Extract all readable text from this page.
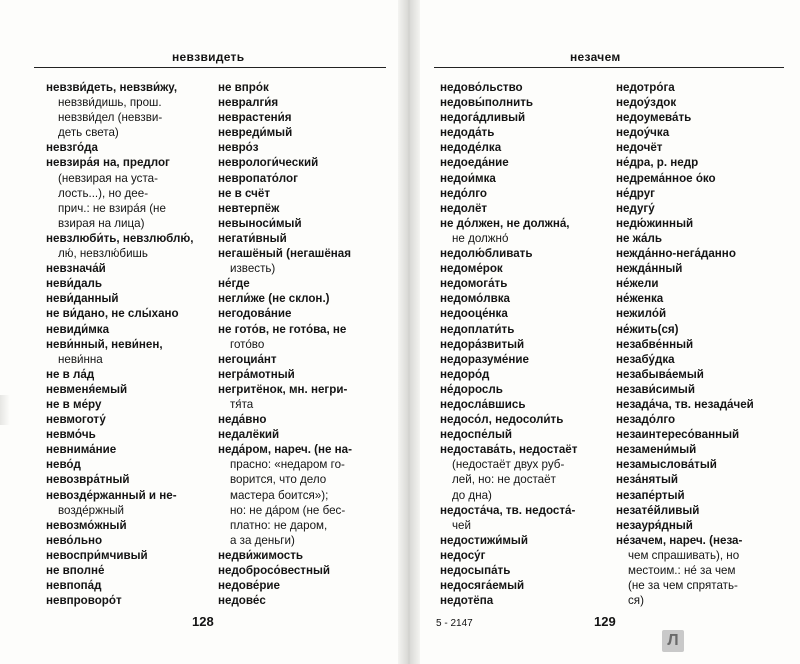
невзвидеть
невзви́деть, невзви́жу,
невзви́дишь, прош.
невзви́дел (невзви-
деть света)
невзго́да
невзира́я на, предлог
(невзирая на уста-
лость...), но дее-
прич.: не взира́я (не
взирая на лица)
невзлюби́ть, невзлюблю́,
лю́, невзлю́бишь
невзнача́й
неви́даль
неви́данный
не ви́дано, не слы́хано
невиди́мка
неви́нный, неви́нен,
неви́нна
не в ла́д
невменя́емый
не в ме́ру
невмоготу́
невмо́чь
невнима́ние
нево́д
невозвра́тный
невозде́ржанный и не-
возде́ржный
невозмо́жный
нево́льно
невоспри́мчивый
не вполне́
невпопа́д
невпроворо́т
не впро́к
невралги́я
неврастени́я
невреди́мый
невро́з
неврологи́ческий
невропато́лог
не в счёт
невтерпёж
невыноси́мый
негати́вный
негашёный (негашёная
известь)
не́где
негли́же (не склон.)
негодова́ние
не гото́в, не гото́ва, не
гото́во
негоциа́нт
негра́мотный
негритёнок, мн. негри-
тя́та
неда́вно
недалёкий
неда́ром, нареч. (не на-
прасно: «недаром го-
ворится, что дело
мастера боится»);
но: не да́ром (не бес-
платно: не даром,
а за деньги)
недви́жимость
недобросо́вестный
недове́рие
недове́с
128
незачем
недово́льство
недовы́полнить
недога́дливый
недода́ть
недоде́лка
недоеда́ние
недои́мка
недо́лго
недолёт
не до́лжен, не должна́,
не должно́
недолю́бливать
недоме́рок
недомога́ть
недомо́лвка
недооце́нка
недоплати́ть
недора́звитый
недоразуме́ние
недоро́д
не́доросль
недосла́вшись
недосо́л, недосоли́ть
недоспе́лый
недостава́ть, недостаёт
(недостаёт двух руб-
лей, но: не достаёт
до дна)
недоста́ча, тв. недоста́-
чей
недостижи́мый
недосу́г
недосыпа́ть
недосяга́емый
недотёпа
недотро́га
недоу́здок
недоумева́ть
недоу́чка
недочёт
не́дра, р. недр
недрема́нное о́ко
не́друг
недугу́
недю́жинный
не жа́ль
нежда́нно-нега́данно
нежда́нный
не́жели
не́женка
нежило́й
не́жить(ся)
незабве́нный
незабу́дка
незабыва́емый
незави́симый
незада́ча, тв. незада́чей
незадо́лго
незаинтересо́ванный
незамени́мый
незамыслова́тый
неза́нятый
незапе́ртый
незатéйливый
незауря́дный
не́зачем, нареч. (неза-
чем спрашивать), но
местоим.: не́ за чем
(не за чем спрятать-
ся)
5 - 2147	129
Л
